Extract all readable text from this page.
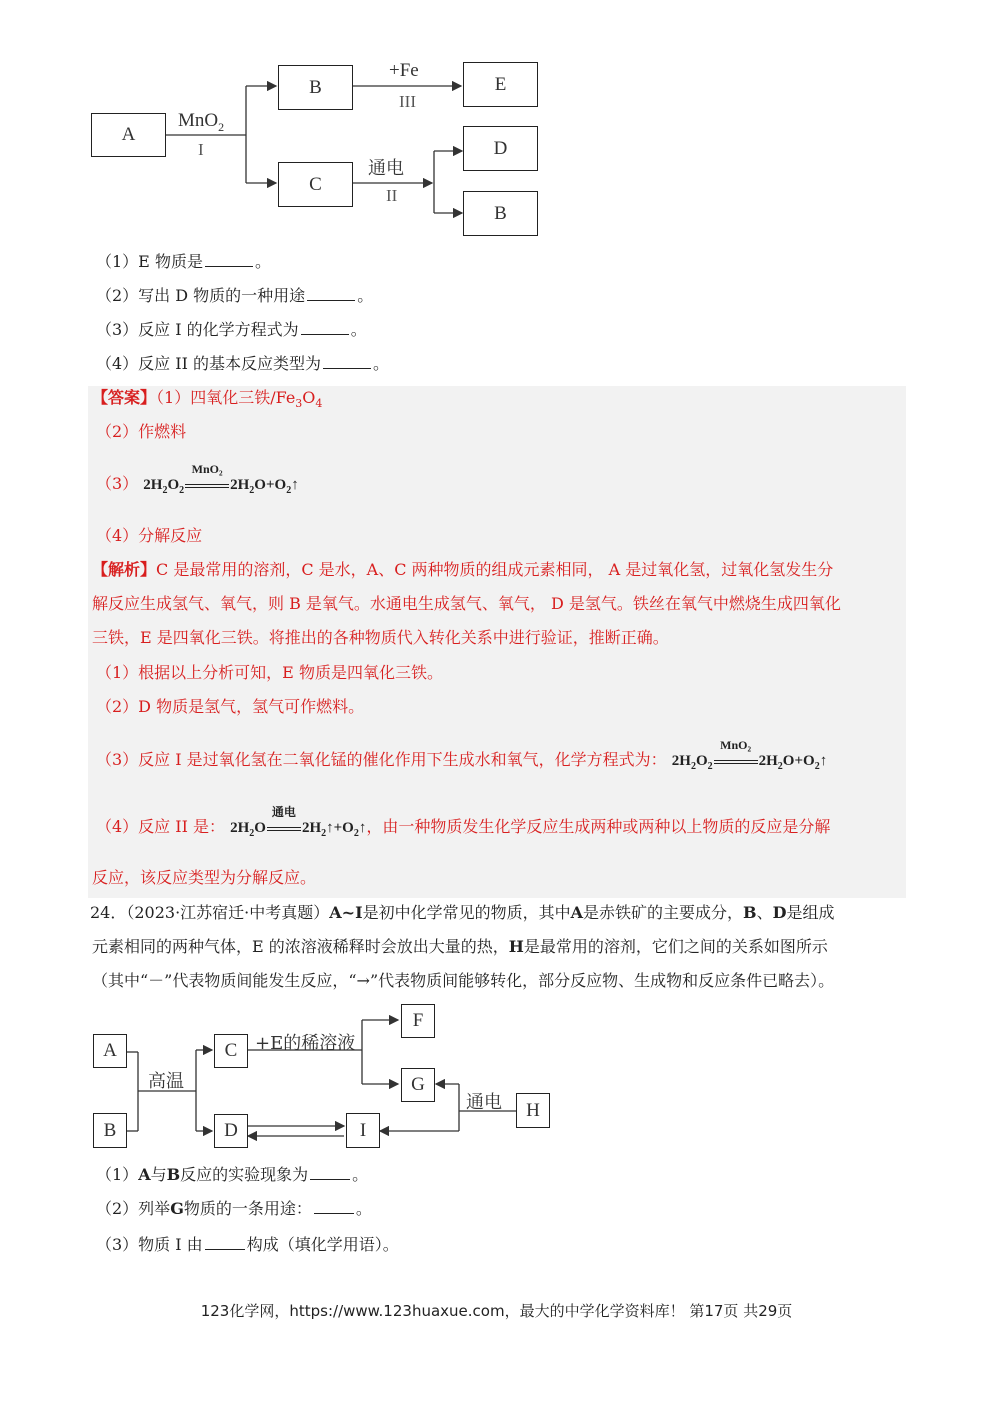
A
B
C
E
D
B
MnO$_2$
I
+Fe
III
通电
II
（1）E 物质是	。
（2）写出 D 物质的一种用途	。
（3）反应 I 的化学方程式为	。
（4）反应 II 的基本反应类型为	。
【答案】（1）四氧化三铁$/Fe_3O_4$
（2）作燃料
（3） $2H_2O_2$
MnO₂
$2H_2O+O_2↑$
（4）分解反应
【解析】C 是最常用的溶剂，C 是水，A、C 两种物质的组成元素相同， A 是过氧化氢，过氧化氢发生分
解反应生成氢气、氧气，则 B 是氧气。水通电生成氢气、氧气， D 是氢气。铁丝在氧气中燃烧生成四氧化
三铁，E 是四氧化三铁。将推出的各种物质代入转化关系中进行验证，推断正确。
（1）根据以上分析可知，E 物质是四氧化三铁。
（2）D 物质是氢气，氢气可作燃料。
（3）反应 I 是过氧化氢在二氧化锰的催化作用下生成水和氧气，化学方程式为： $2H_2O_2$
MnO₂
$2H_2O+O_2↑$
（4）反应 II 是： $2H_2O$
通电
$2H_2↑+O_2↑$，由一种物质发生化学反应生成两种或两种以上物质的反应是分解
反应，该反应类型为分解反应。
24．（2023·江苏宿迁·中考真题）A~I是初中化学常见的物质，其中A是赤铁矿的主要成分，B、D是组成
元素相同的两种气体，E 的浓溶液稀释时会放出大量的热，H是最常用的溶剂，它们之间的关系如图所示
（其中“－”代表物质间能发生反应，“→”代表物质间能够转化，部分反应物、生成物和反应条件已略去）。
A
B
C
D
F
G
I
H
高温
+E的稀溶液
通电
（1）A与B反应的实验现象为	。
（2）列举G物质的一条用途：	。
（3）物质 I 由	构成（填化学用语）。
123化学网，https://www.123huaxue.com，最大的中学化学资料库！ 第17页 共29页
